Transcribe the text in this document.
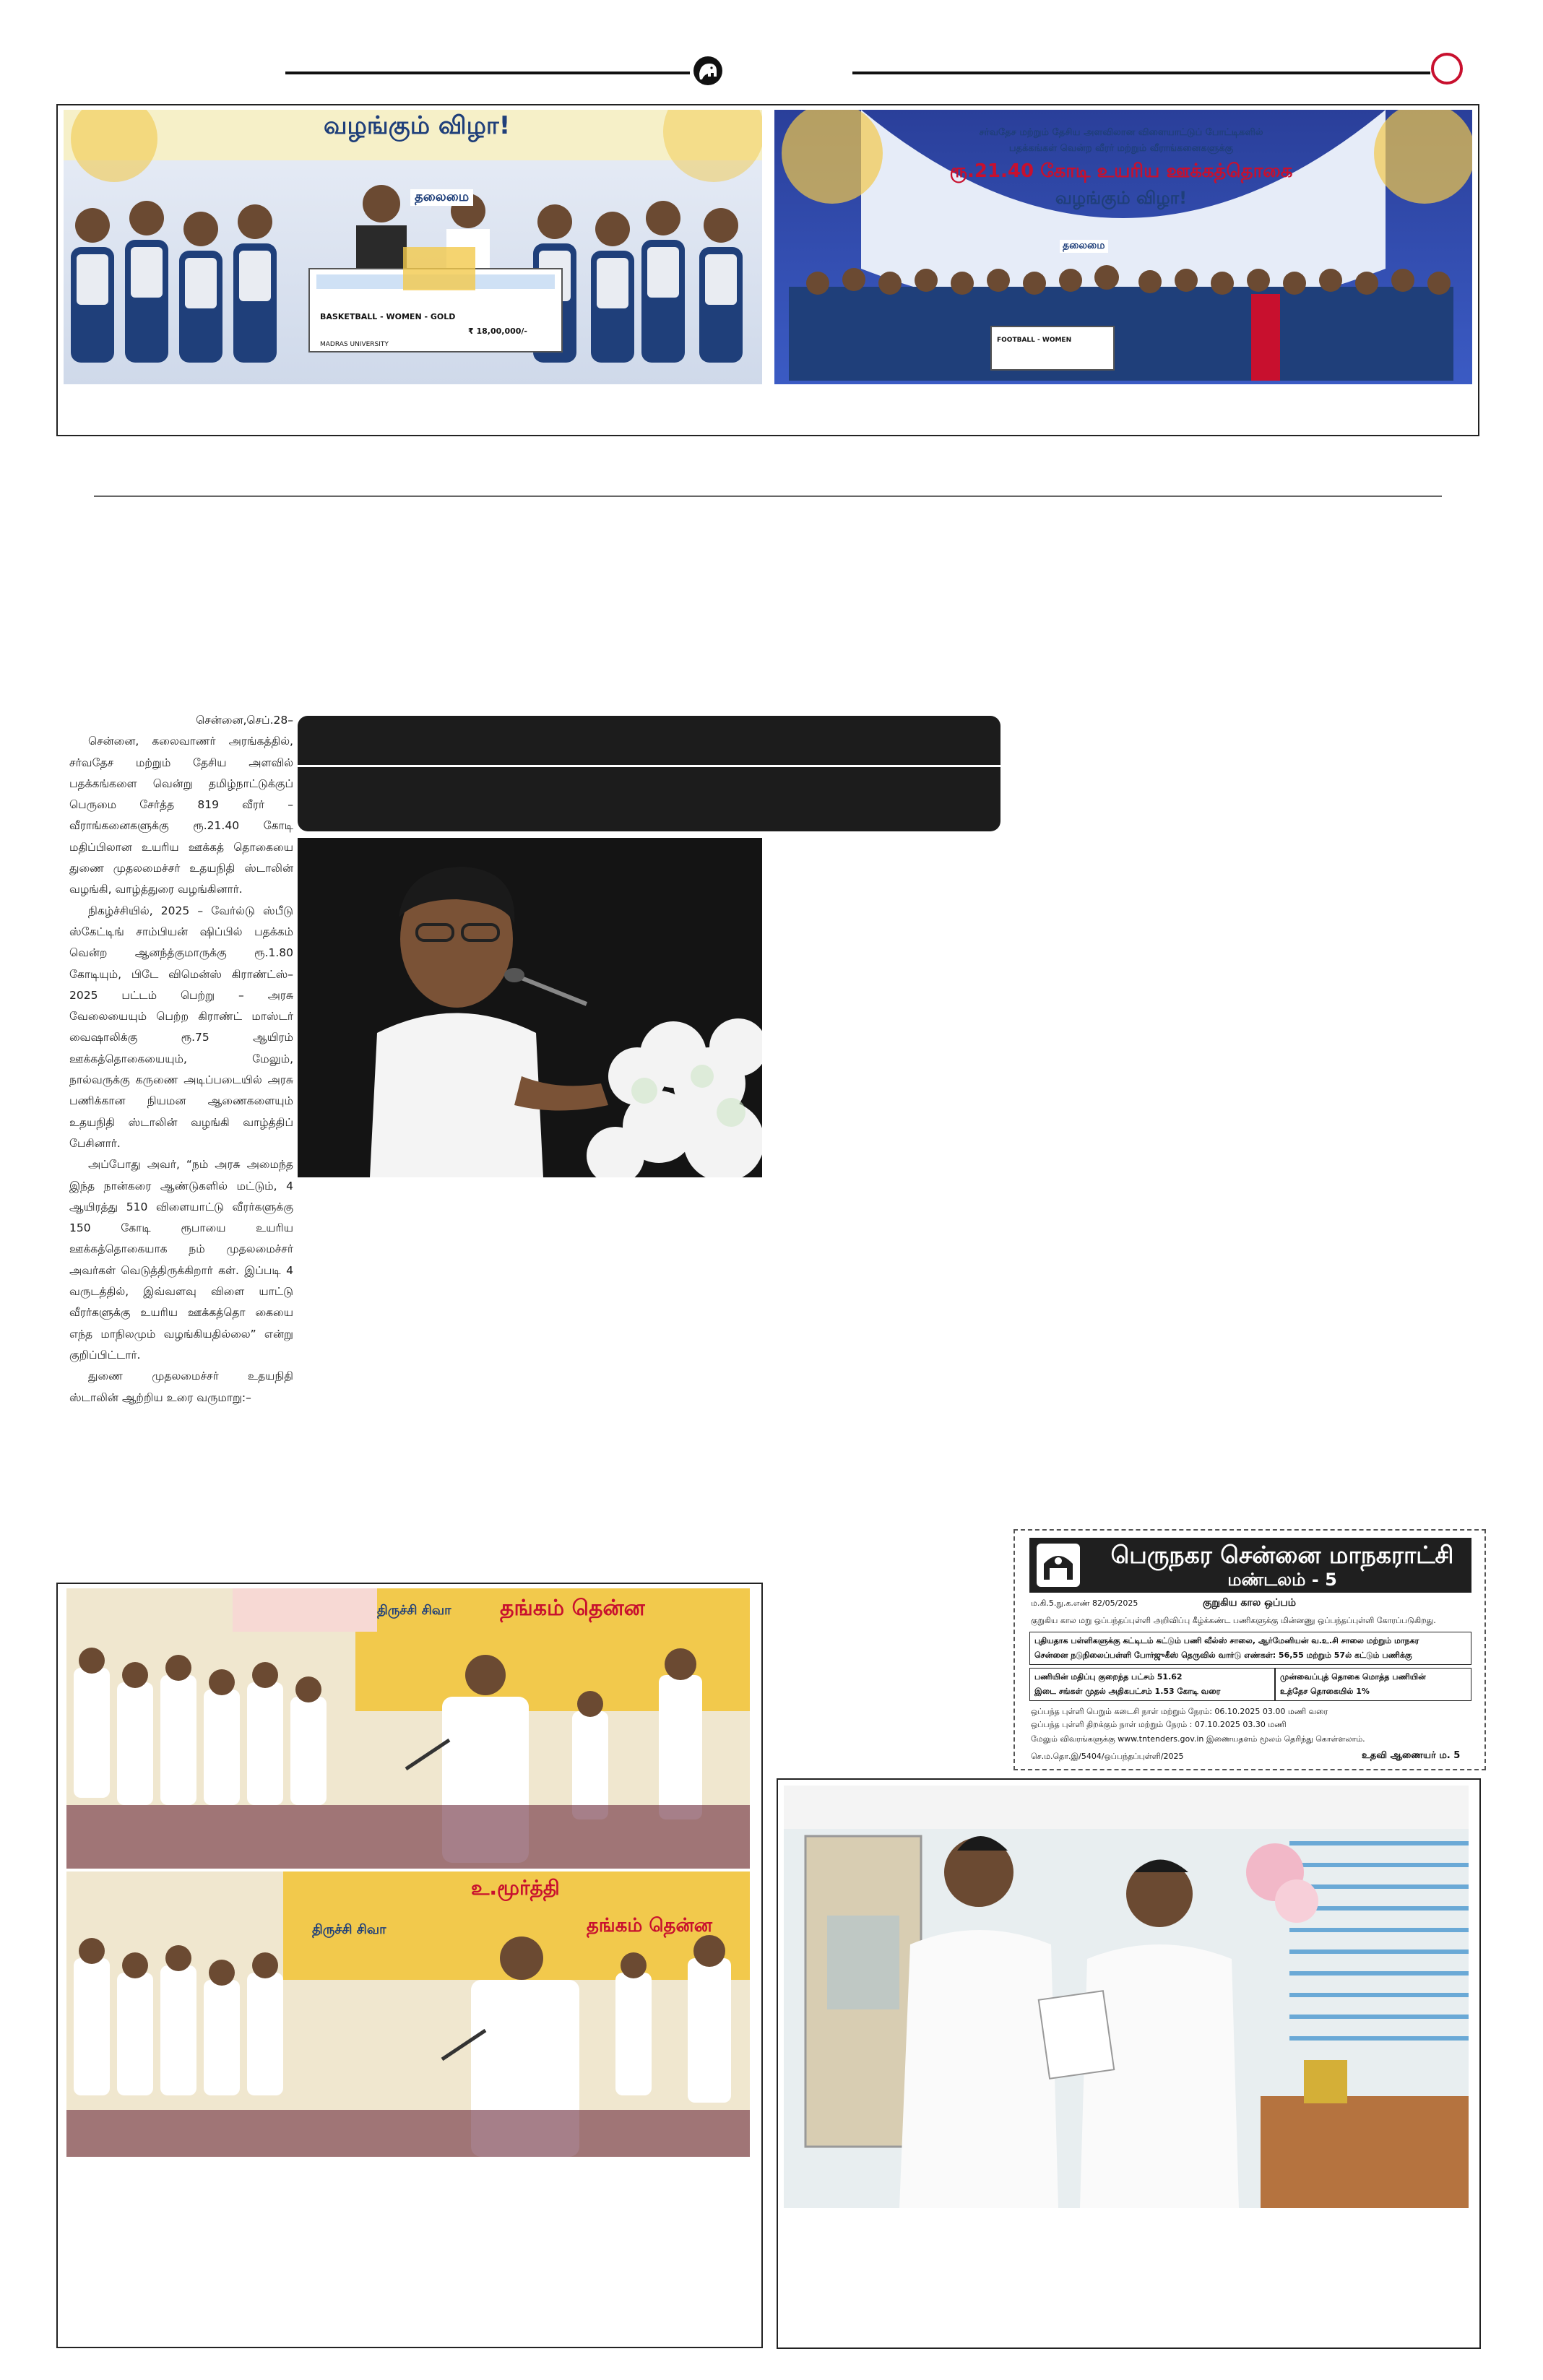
வழங்கும் விழா!
தலைமை
BASKETBALL - WOMEN - GOLD
₹ 18,00,000/-
MADRAS UNIVERSITY
சர்வதேச மற்றும் தேசிய அளவிலான விளையாட்டுப் போட்டிகளில்
பதக்கங்கள் வென்ற வீரர் மற்றும் வீராங்கனைகளுக்கு
ரூ.21.40 கோடி உயரிய ஊக்கத்தொகை
வழங்கும் விழா!
தலைமை
FOOTBALL - WOMEN

சென்னை,செப்.28–

சென்னை, கலைவாணர் அரங்கத்தில், சர்வதேச மற்றும் தேசிய அளவில் பதக்கங்களை வென்று தமிழ்நாட்டுக்குப் பெருமை சேர்த்த 819 வீரர் – வீராங்கனைகளுக்கு ரூ.21.40 கோடி மதிப்பிலான உயரிய ஊக்கத் தொகையை துணை முதலமைச்சர் உதயநிதி ஸ்டாலின் வழங்கி, வாழ்த்துரை வழங்கினார்.

நிகழ்ச்சியில், 2025 – வேர்ல்டு ஸ்பீடு ஸ்கேட்டிங் சாம்பியன் ஷிப்பில் பதக்கம் வென்ற ஆனந்த்குமாருக்கு ரூ.1.80 கோடியும், பிடே விமென்ஸ் கிராண்ட்ஸ்–2025 பட்டம் பெற்று – அரசு வேலையையும் பெற்ற கிராண்ட் மாஸ்டர் வைஷாலிக்கு ரூ.75 ஆயிரம் ஊக்கத்தொகையையும், மேலும், நால்வருக்கு கருணை அடிப்படையில் அரசு பணிக்கான நியமன ஆணைகளையும் உதயநிதி ஸ்டாலின் வழங்கி வாழ்த்திப் பேசினார்.

அப்போது அவர், “நம் அரசு அமைந்த இந்த நான்கரை ஆண்டுகளில் மட்டும், 4 ஆயிரத்து 510 விளையாட்டு வீரர்களுக்கு 150 கோடி ரூபாயை உயரிய ஊக்கத்தொகையாக நம் முதலமைச்சர் அவர்கள் வெடுத்திருக்கிறார் கள். இப்படி 4 வருடத்தில், இவ்வளவு விளை யாட்டு வீரர்களுக்கு உயரிய ஊக்கத்தொ கையை எந்த மாநிலமும் வழங்கியதில்லை” என்று குறிப்பிட்டார்.

துணை முதலமைச்சர் உதயநிதி ஸ்டாலின் ஆற்றிய உரை வருமாறு:–

பெருநகர சென்னை மாநகராட்சி
மண்டலம் - 5
ம.கி.5.நு.க.எண் 82/05/2025	குறுகிய கால ஒப்பம்
குறுகிய கால மறு ஒப்பந்தப்புள்ளி அறிவிப்பு கீழ்க்கண்ட பணிகளுக்கு மின்னணு ஒப்பந்தப்புள்ளி கோரப்படுகிறது.
புதியதாக பள்ளிகளுக்கு கட்டிடம் கட்டும் பணி வீல்ஸ் சாலை, ஆர்மேனியன் வ.உ.சி சாலை மற்றும் மாநகர
சென்னை நடுநிலைப்பள்ளி போர்ஜுகீஸ் தெருவில் வார்டு எண்கள்: 56,55 மற்றும் 57ல் கட்டும் பணிக்கு
பணியின் மதிப்பு குறைந்த பட்சம் 51.62
இடை சங்கள் முதல் அதிகபட்சம் 1.53 கோடி வரை
முன்வைப்புத் தொகை மொத்த பணியின்
உத்தேச தொகையில் 1%
ஒப்பந்த புள்ளி பெறும் கடைசி நாள் மற்றும் நேரம்: 06.10.2025 03.00 மணி வரை
ஒப்பந்த புள்ளி திறக்கும் நாள் மற்றும் நேரம் : 07.10.2025 03.30 மணி
மேலும் விவரங்களுக்கு www.tntenders.gov.in இணையதளம் மூலம் தெரிந்து கொள்ளலாம்.
செ.ம.தொ.இ/5404/ஒப்பந்தப்புள்ளி/2025	உதவி ஆணையர் ம. 5
தங்கம் தென்ன
திருச்சி சிவா
உ.மூர்த்தி
தங்கம் தென்ன
திருச்சி சிவா
